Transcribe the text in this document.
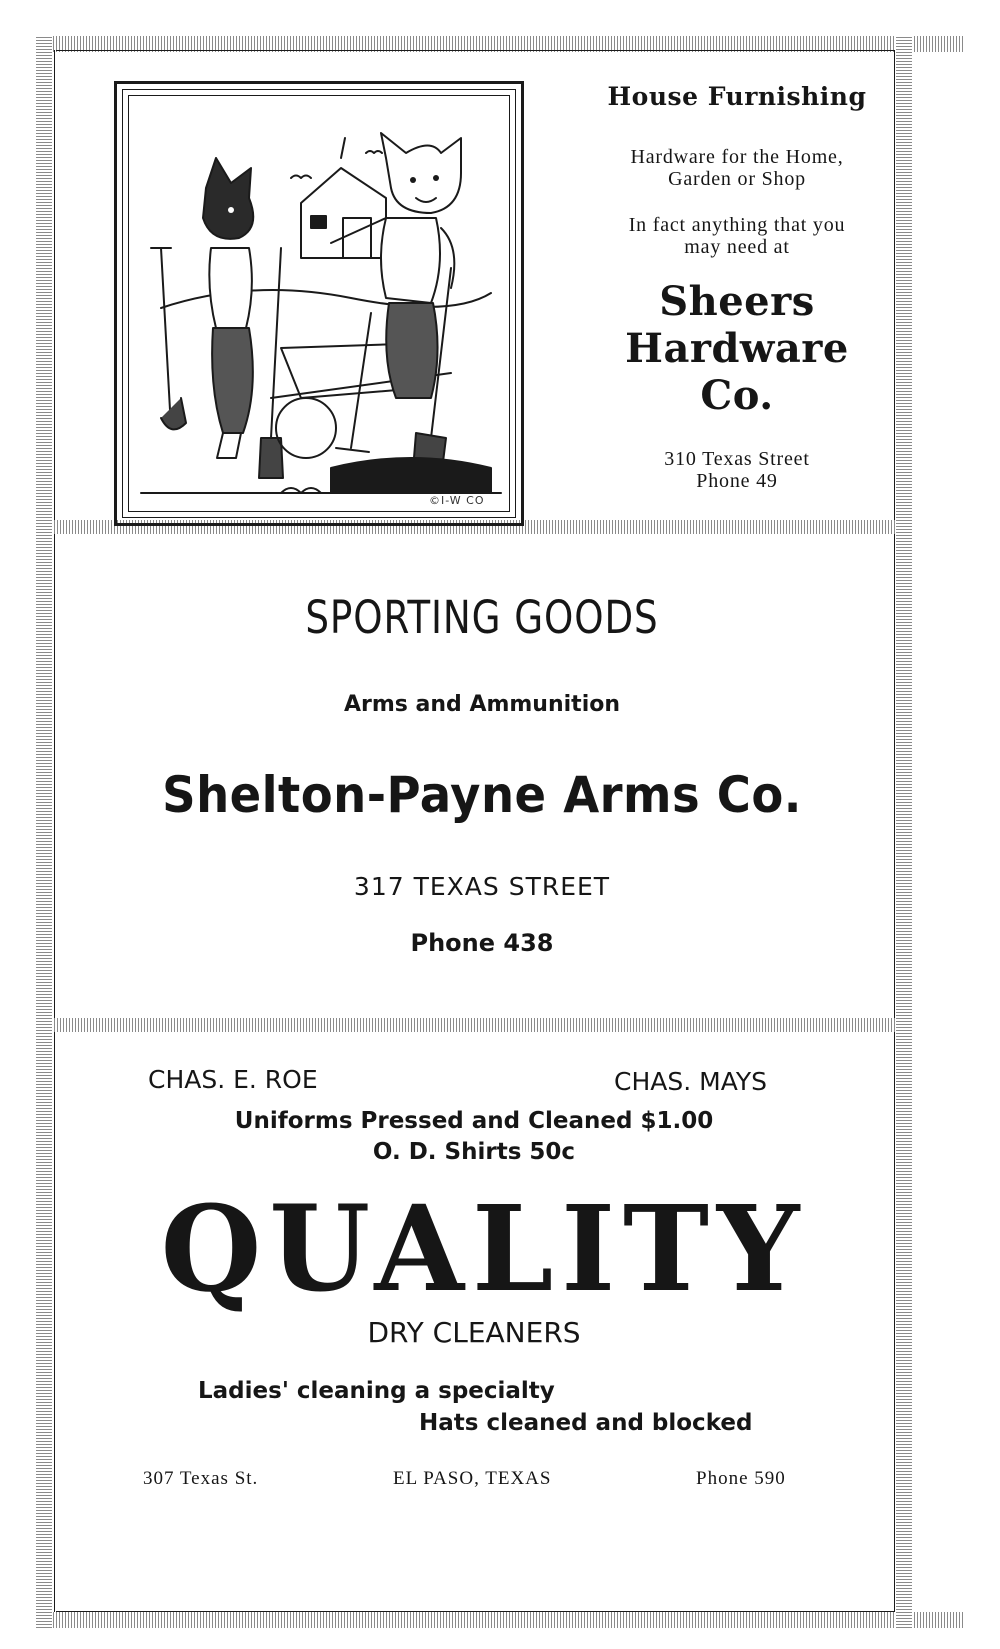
©I-W CO
House Furnishing
Hardware for the Home,
Garden or Shop
In fact anything that you
may need at
Sheers
Hardware
Co.
310 Texas Street
Phone 49
SPORTING GOODS
Arms and Ammunition
Shelton-Payne Arms Co.
317 TEXAS STREET
Phone 438
CHAS. E. ROE	CHAS. MAYS
Uniforms Pressed and Cleaned $1.00
O. D. Shirts 50c
QUALITY
DRY CLEANERS
Ladies' cleaning a specialty
Hats cleaned and blocked
307 Texas St.	EL PASO, TEXAS	Phone 590
